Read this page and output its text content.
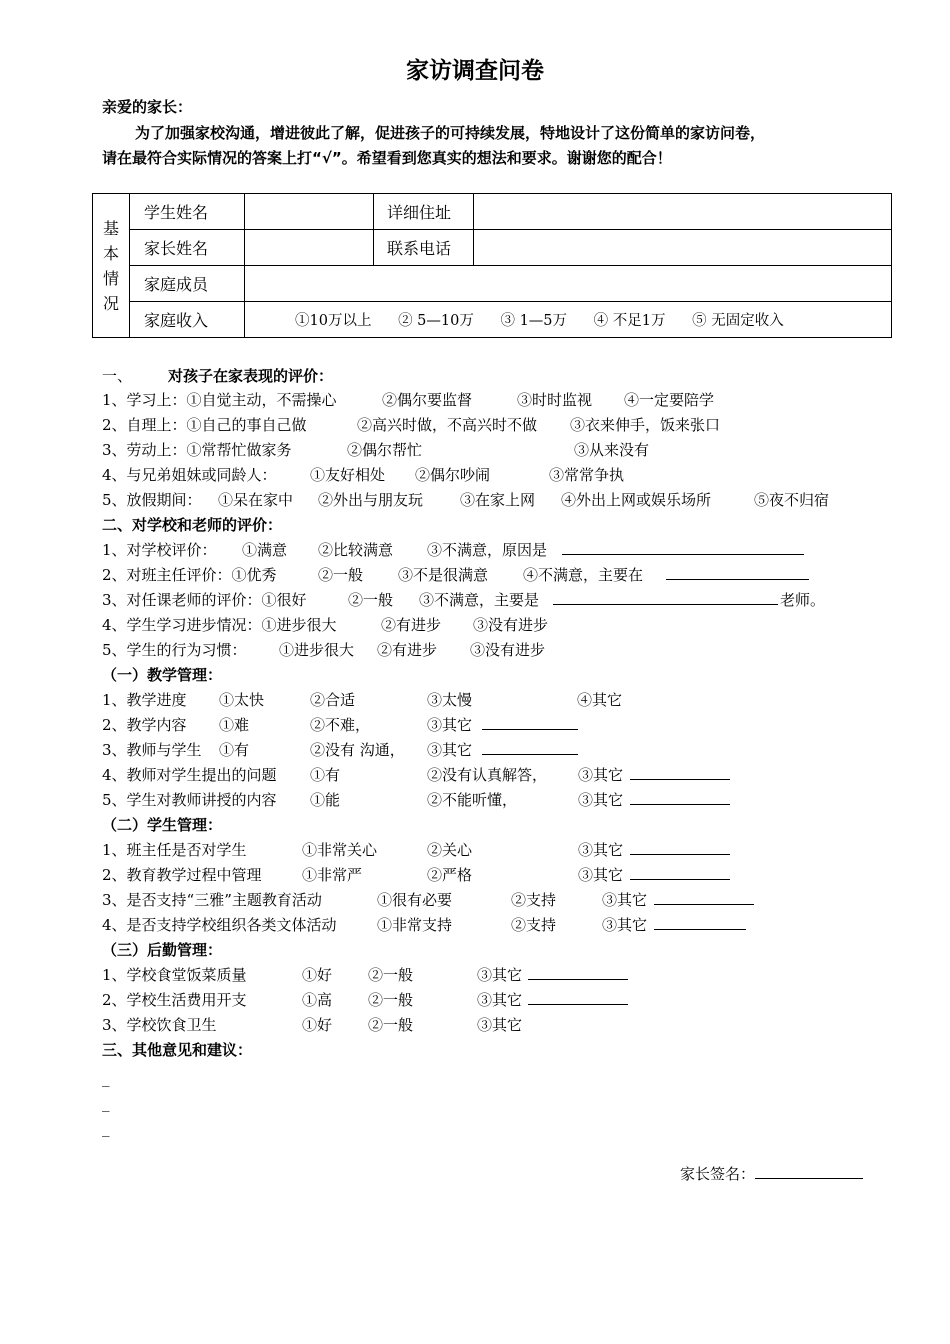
家访调查问卷
亲爱的家长：

为了加强家校沟通，增进彼此了解，促进孩子的可持续发展，特地设计了这份简单的家访问卷，

请在最符合实际情况的答案上打“√”。希望看到您真实的想法和要求。谢谢您的配合！

基
本
情
况	学生姓名		详细住址	
	家长姓名		联系电话	
	家庭成员			
	家庭收入	①10万以上 ② 5—10万 ③ 1—5万 ④ 不足1万 ⑤ 无固定收入		
一、 对孩子在家表现的评价：
1、学习上：①自觉主动，不需操心	②偶尔要监督	③时时监视 ④一定要陪学
2、自理上：①自己的事自己做	②高兴时做，不高兴时不做 ③衣来伸手，饭来张口
3、劳动上：①常帮忙做家务	②偶尔帮忙	③从来没有
4、与兄弟姐妹或同龄人： ①友好相处 ②偶尔吵闹	③常常争执
5、放假期间： ①呆在家中 ②外出与朋友玩 ③在家上网 ④外出上网或娱乐场所	⑤夜不归宿
二、对学校和老师的评价：
1、对学校评价： ①满意 ②比较满意 ③不满意，原因是
2、对班主任评价：①优秀	②一般 ③不是很满意 ④不满意，主要在
3、对任课老师的评价：①很好	②一般 ③不满意，主要是	老师。
4、学生学习进步情况：①进步很大	②有进步 ③没有进步
5、学生的行为习惯： ①进步很大 ②有进步 ③没有进步
（一）教学管理：
1、教学进度 ①太快	②合适	③太慢	④其它
2、教学内容 ①难	②不难，	③其它
3、教师与学生 ①有	②没有 沟通， ③其它
4、教师对学生提出的问题 ①有	②没有认真解答， ③其它
5、学生对教师讲授的内容 ①能	②不能听懂，	③其它
（二）学生管理：
1、班主任是否对学生	①非常关心	②关心	③其它
2、教育教学过程中管理	①非常严	②严格	③其它
3、是否支持“三雅”主题教育活动	①很有必要	②支持	③其它
4、是否支持学校组织各类文体活动	①非常支持	②支持	③其它
（三）后勤管理：
1、学校食堂饭菜质量	①好 ②一般	③其它
2、学校生活费用开支	①高 ②一般	③其它
3、学校饮食卫生	①好 ②一般	③其它
三、其他意见和建议：
_
_
_
家长签名：
